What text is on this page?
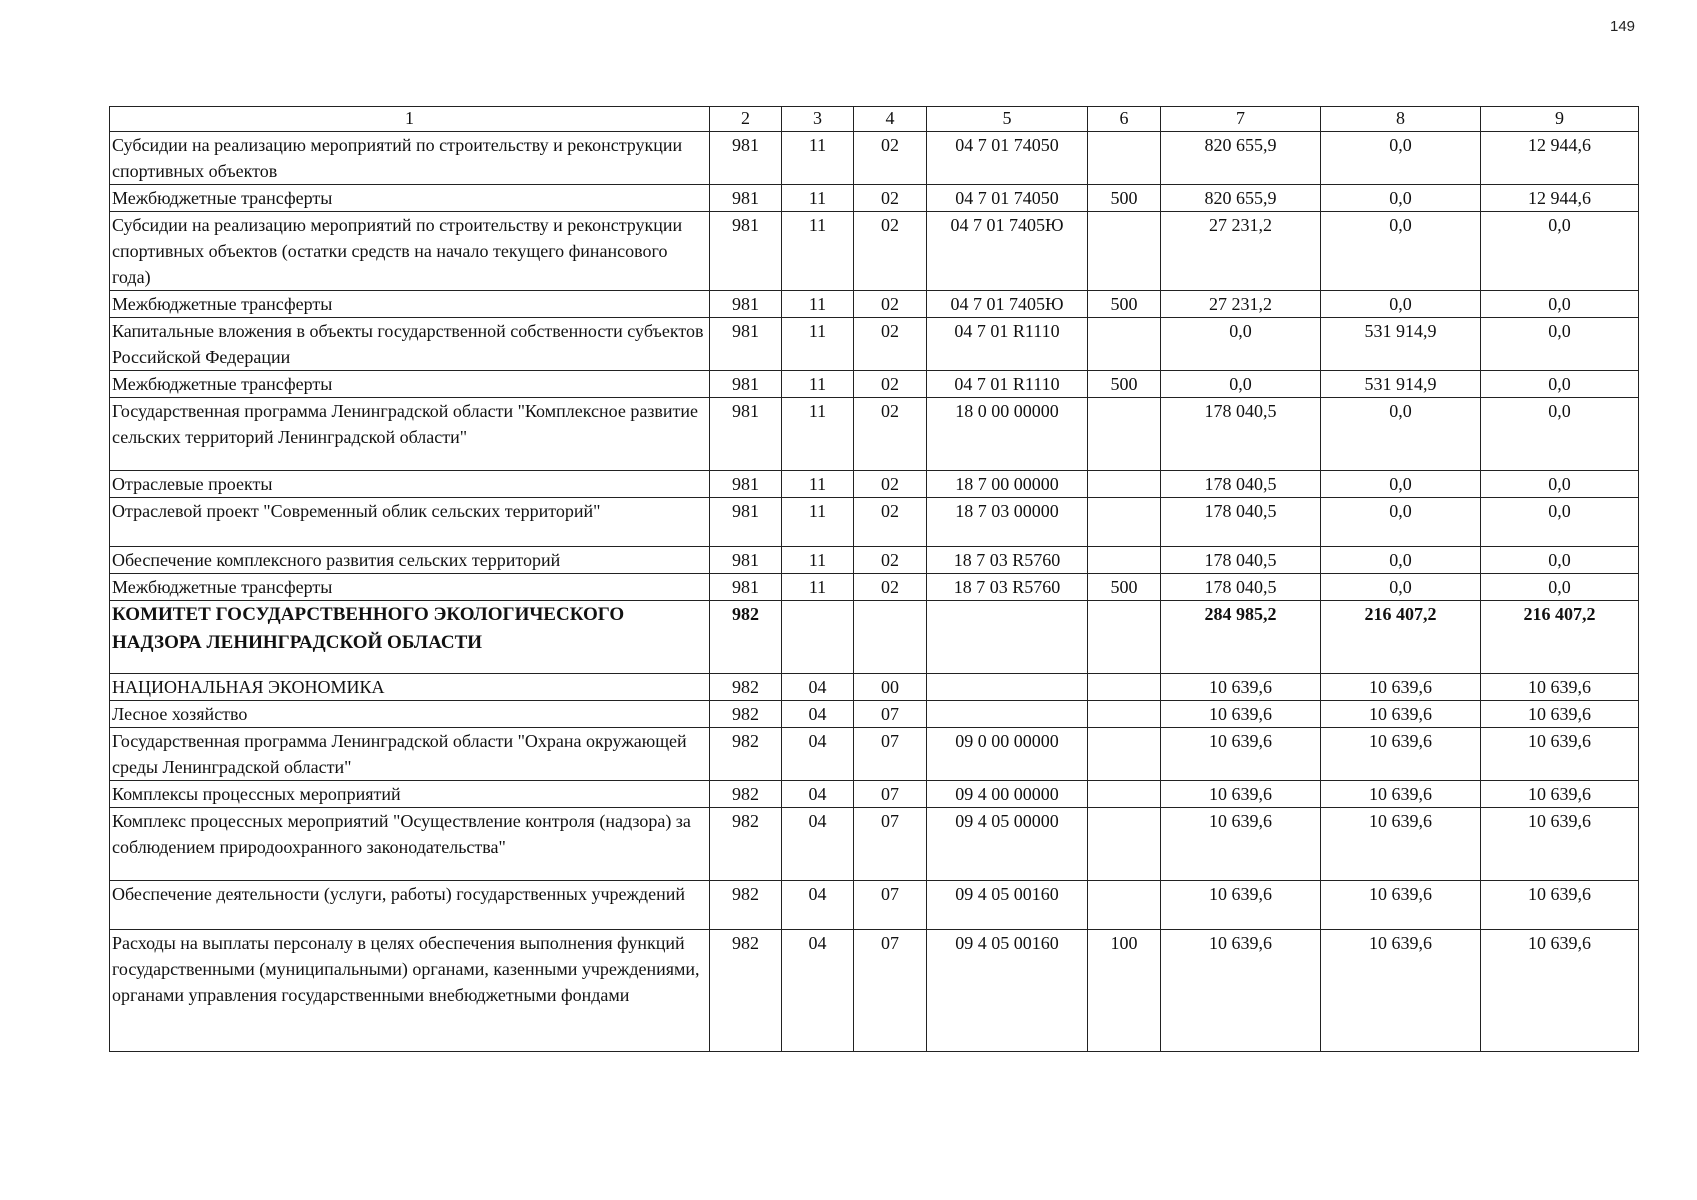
149
1	2	3	4	5	6	7	8	9
Субсидии на реализацию мероприятий по строительству и реконструкции спортивных объектов	981	11	02	04 7 01 74050		820 655,9	0,0	12 944,6
Межбюджетные трансферты	981	11	02	04 7 01 74050	500	820 655,9	0,0	12 944,6
Субсидии на реализацию мероприятий по строительству и реконструкции спортивных объектов (остатки средств на начало текущего финансового года)	981	11	02	04 7 01 7405Ю		27 231,2	0,0	0,0
Межбюджетные трансферты	981	11	02	04 7 01 7405Ю	500	27 231,2	0,0	0,0
Капитальные вложения в объекты государственной собственности субъектов Российской Федерации	981	11	02	04 7 01 R1110		0,0	531 914,9	0,0
Межбюджетные трансферты	981	11	02	04 7 01 R1110	500	0,0	531 914,9	0,0
Государственная программа Ленинградской области "Комплексное развитие сельских территорий Ленинградской области"	981	11	02	18 0 00 00000		178 040,5	0,0	0,0
Отраслевые проекты	981	11	02	18 7 00 00000		178 040,5	0,0	0,0
Отраслевой проект "Современный облик сельских территорий"	981	11	02	18 7 03 00000		178 040,5	0,0	0,0
Обеспечение комплексного развития сельских территорий	981	11	02	18 7 03 R5760		178 040,5	0,0	0,0
Межбюджетные трансферты	981	11	02	18 7 03 R5760	500	178 040,5	0,0	0,0
КОМИТЕТ ГОСУДАРСТВЕННОГО ЭКОЛОГИЧЕСКОГО НАДЗОРА ЛЕНИНГРАДСКОЙ ОБЛАСТИ	982					284 985,2	216 407,2	216 407,2
НАЦИОНАЛЬНАЯ ЭКОНОМИКА	982	04	00			10 639,6	10 639,6	10 639,6
Лесное хозяйство	982	04	07			10 639,6	10 639,6	10 639,6
Государственная программа Ленинградской области "Охрана окружающей среды Ленинградской области"	982	04	07	09 0 00 00000		10 639,6	10 639,6	10 639,6
Комплексы процессных мероприятий	982	04	07	09 4 00 00000		10 639,6	10 639,6	10 639,6
Комплекс процессных мероприятий "Осуществление контроля (надзора) за соблюдением природоохранного законодательства"	982	04	07	09 4 05 00000		10 639,6	10 639,6	10 639,6
Обеспечение деятельности (услуги, работы) государственных учреждений	982	04	07	09 4 05 00160		10 639,6	10 639,6	10 639,6
Расходы на выплаты персоналу в целях обеспечения выполнения функций государственными (муниципальными) органами, казенными учреждениями, органами управления государственными внебюджетными фондами	982	04	07	09 4 05 00160	100	10 639,6	10 639,6	10 639,6
